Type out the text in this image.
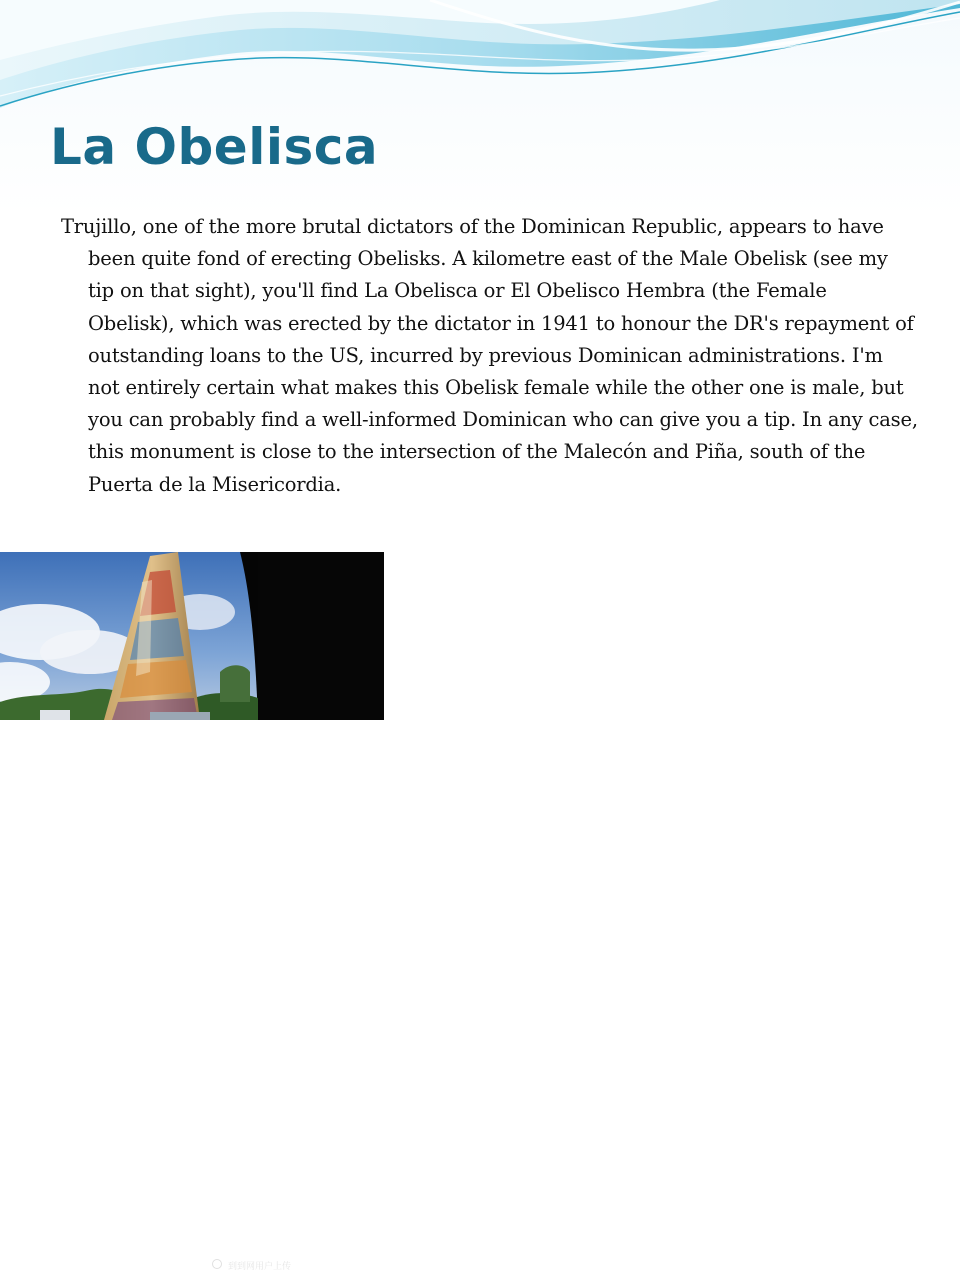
La Obelisca

Trujillo, one of the more brutal dictators of the Dominican Republic, appears to have been quite fond of erecting Obelisks. A kilometre east of the Male Obelisk (see my tip on that sight), you'll find La Obelisca or El Obelisco Hembra (the Female Obelisk), which was erected by the dictator in 1941 to honour the DR's repayment of outstanding loans to the US, incurred by previous Dominican administrations. I'm not entirely certain what makes this Obelisk female while the other one is male, but you can probably find a well-informed Dominican who can give you a tip. In any case, this monument is close to the intersection of the Malecón and Piña, south of the Puerta de la Misericordia.

到到网用户上传
